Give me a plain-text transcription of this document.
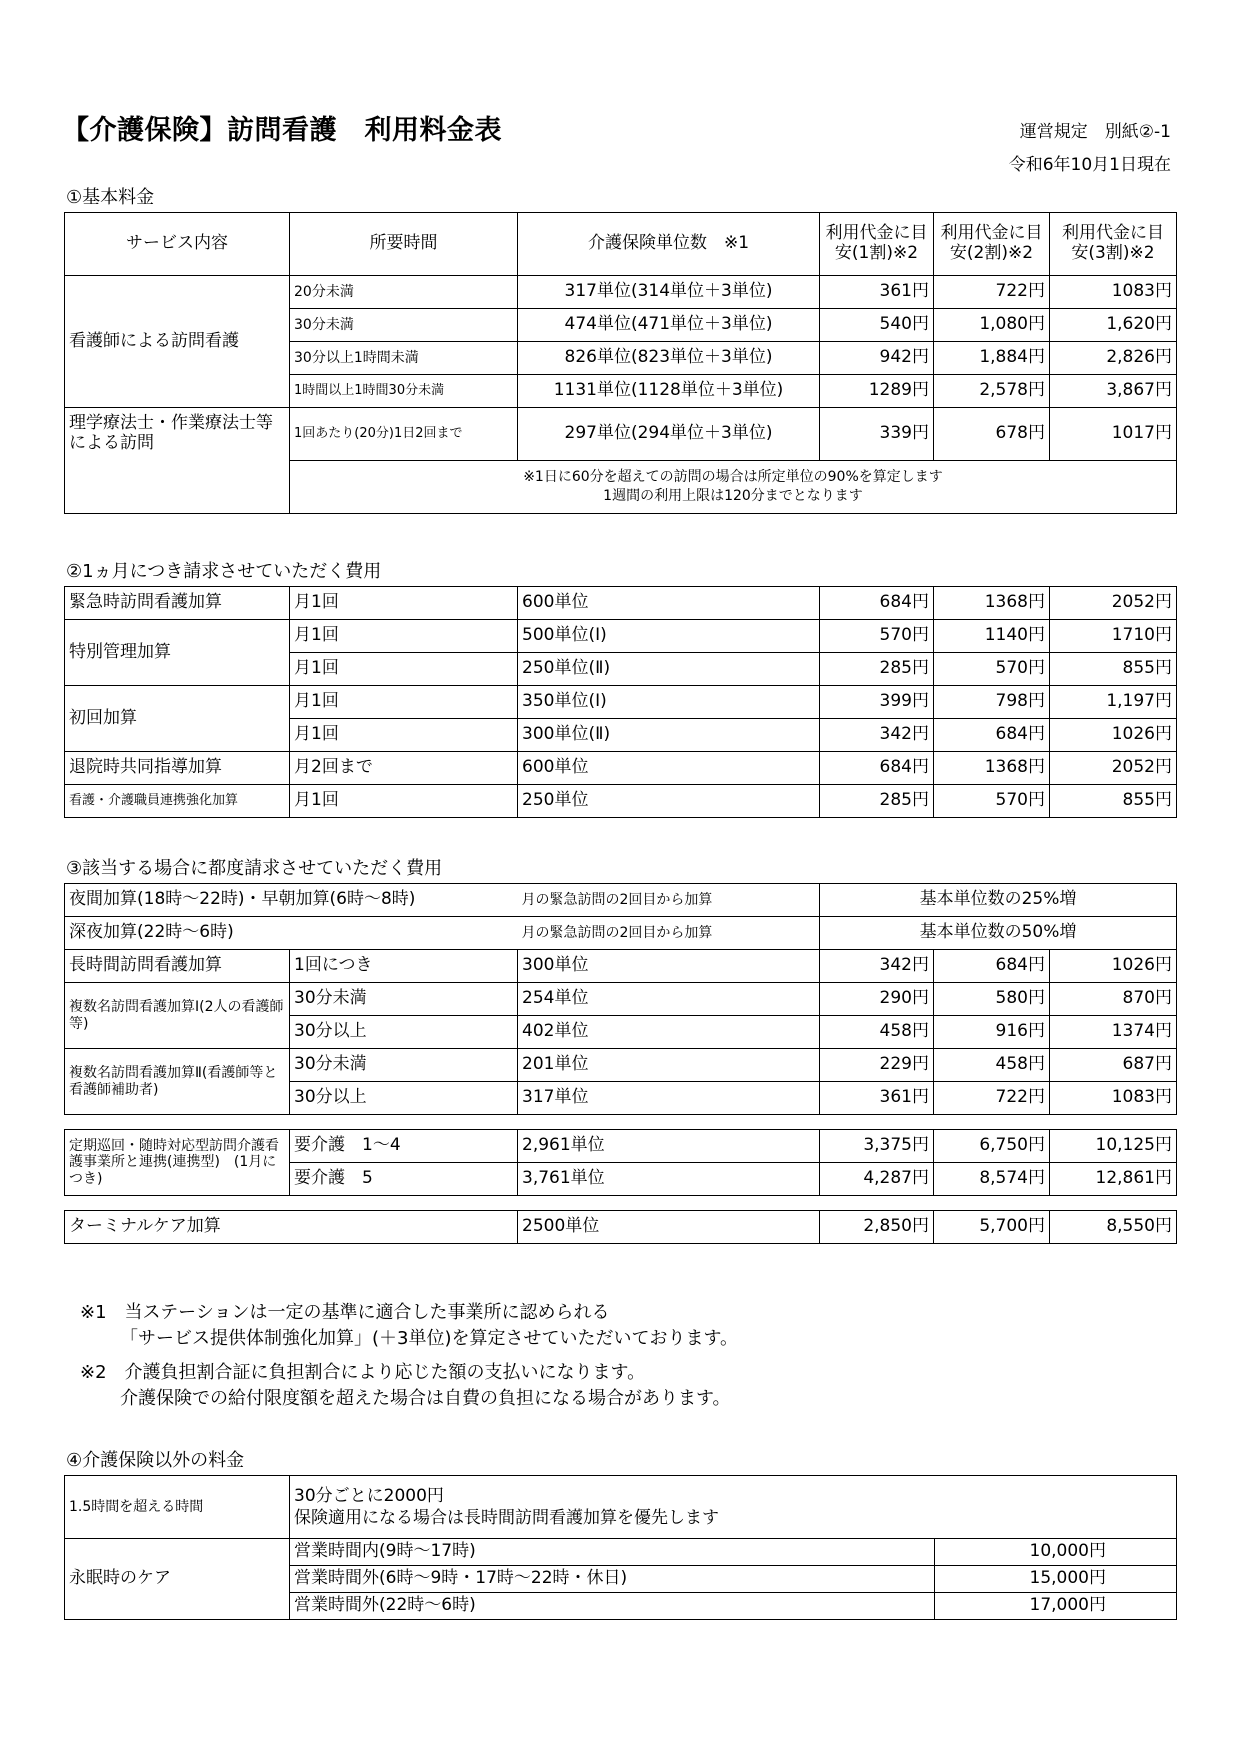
【介護保険】訪問看護　利用料金表	運営規定　別紙②-1
令和6年10月1日現在
①基本料金
サービス内容	所要時間	介護保険単位数　※1	利用代金に目安(1割)※2	利用代金に目安(2割)※2	利用代金に目安(3割)※2
看護師による訪問看護	20分未満	317単位(314単位＋3単位)	361円	722円	1083円
	30分未満	474単位(471単位＋3単位)	540円	1,080円	1,620円
	30分以上1時間未満	826単位(823単位＋3単位)	942円	1,884円	2,826円
	1時間以上1時間30分未満	1131単位(1128単位＋3単位)	1289円	2,578円	3,867円
理学療法士・作業療法士等による訪問	1回あたり(20分)1日2回まで	297単位(294単位＋3単位)	339円	678円	1017円

	※1日に60分を超えての訪問の場合は所定単位の90%を算定します
1週間の利用上限は120分までとなります				
②1ヵ月につき請求させていただく費用
緊急時訪問看護加算	月1回	600単位	684円	1368円	2052円
特別管理加算	月1回	500単位(Ⅰ)	570円	1140円	1710円
	月1回	250単位(Ⅱ)	285円	570円	855円
初回加算	月1回	350単位(Ⅰ)	399円	798円	1,197円
	月1回	300単位(Ⅱ)	342円	684円	1026円
退院時共同指導加算	月2回まで	600単位	684円	1368円	2052円
看護・介護職員連携強化加算	月1回	250単位	285円	570円	855円
③該当する場合に都度請求させていただく費用
夜間加算(18時～22時)・早朝加算(6時～8時)		月の緊急訪問の2回目から加算	基本単位数の25%増		
深夜加算(22時～6時)		月の緊急訪問の2回目から加算	基本単位数の50%増		
長時間訪問看護加算	1回につき	300単位	342円	684円	1026円
複数名訪問看護加算Ⅰ(2人の看護師等)	30分未満	254単位	290円	580円	870円
	30分以上	402単位	458円	916円	1374円
複数名訪問看護加算Ⅱ(看護師等と看護師補助者)	30分未満	201単位	229円	458円	687円
	30分以上	317単位	361円	722円	1083円

定期巡回・随時対応型訪問介護看護事業所と連携(連携型)　(1月につき)	要介護　1～4	2,961単位	3,375円	6,750円	10,125円
	要介護　5	3,761単位	4,287円	8,574円	12,861円

ターミナルケア加算		2500単位	2,850円	5,700円	8,550円
※1　当ステーションは一定の基準に適合した事業所に認められる
「サービス提供体制強化加算」(＋3単位)を算定させていただいております。
※2　介護負担割合証に負担割合により応じた額の支払いになります。
介護保険での給付限度額を超えた場合は自費の負担になる場合があります。
④介護保険以外の料金
1.5時間を超える時間	30分ごとに2000円
保険適用になる場合は長時間訪問看護加算を優先します	

永眠時のケア	営業時間内(9時～17時)	10,000円
	営業時間外(6時～9時・17時～22時・休日)	15,000円
	営業時間外(22時～6時)	17,000円
